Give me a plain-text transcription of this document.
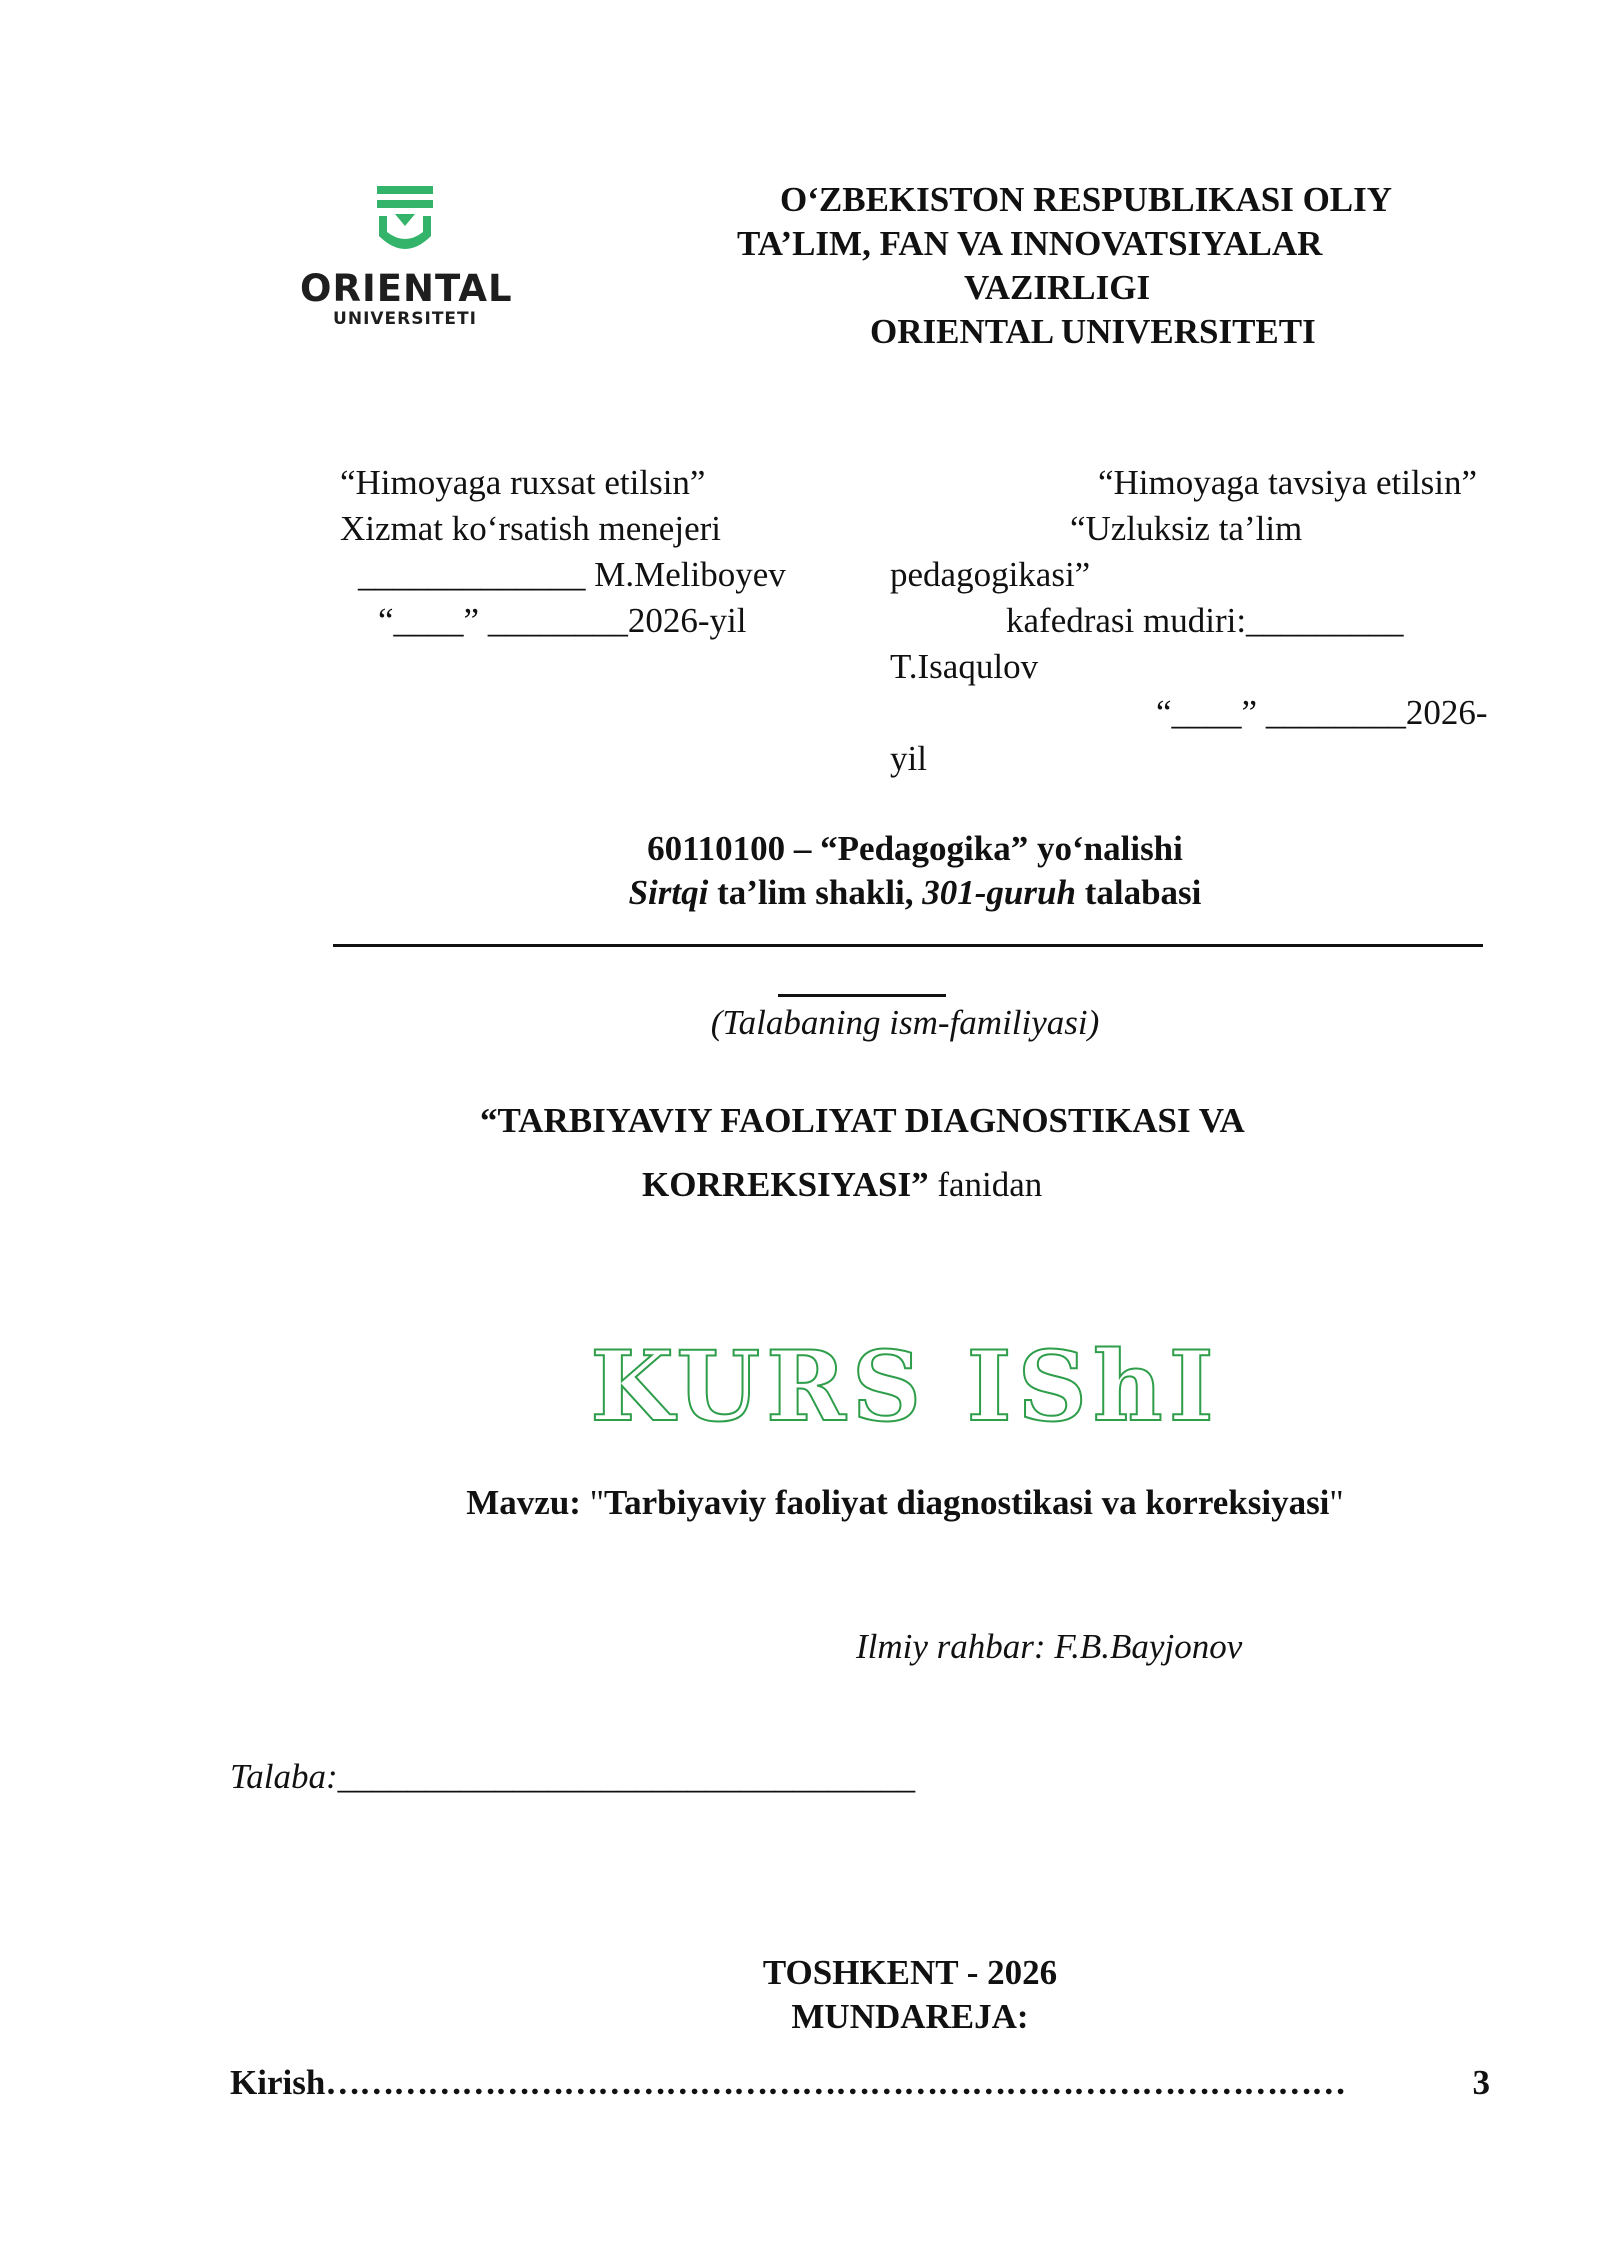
ORIENTAL
UNIVERSITETI
O‘ZBEKISTON RESPUBLIKASI OLIY
TA’LIM, FAN VA INNOVATSIYALAR
VAZIRLIGI
ORIENTAL UNIVERSITETI
“Himoyaga ruxsat etilsin”
Xizmat ko‘rsatish menejeri
_____________ M.Meliboyev
“____” ________2026-yil
“Himoyaga tavsiya etilsin”
“Uzluksiz ta’lim
pedagogikasi”
kafedrasi mudiri:_________
T.Isaqulov
“____” ________2026-
yil
60110100 – “Pedagogika” yo‘nalishi
Sirtqi ta’lim shakli, 301-guruh talabasi
(Talabaning ism-familiyasi)
“TARBIYAVIY FAOLIYAT DIAGNOSTIKASI VA
KORREKSIYASI” fanidan
KURS IShI
Mavzu: "Tarbiyaviy faoliyat diagnostikasi va korreksiyasi"
Ilmiy rahbar: F.B.Bayjonov
Talaba:_________________________________
TOSHKENT - 2026
MUNDAREJA:
Kirish ………………………………………………………………………………	3
